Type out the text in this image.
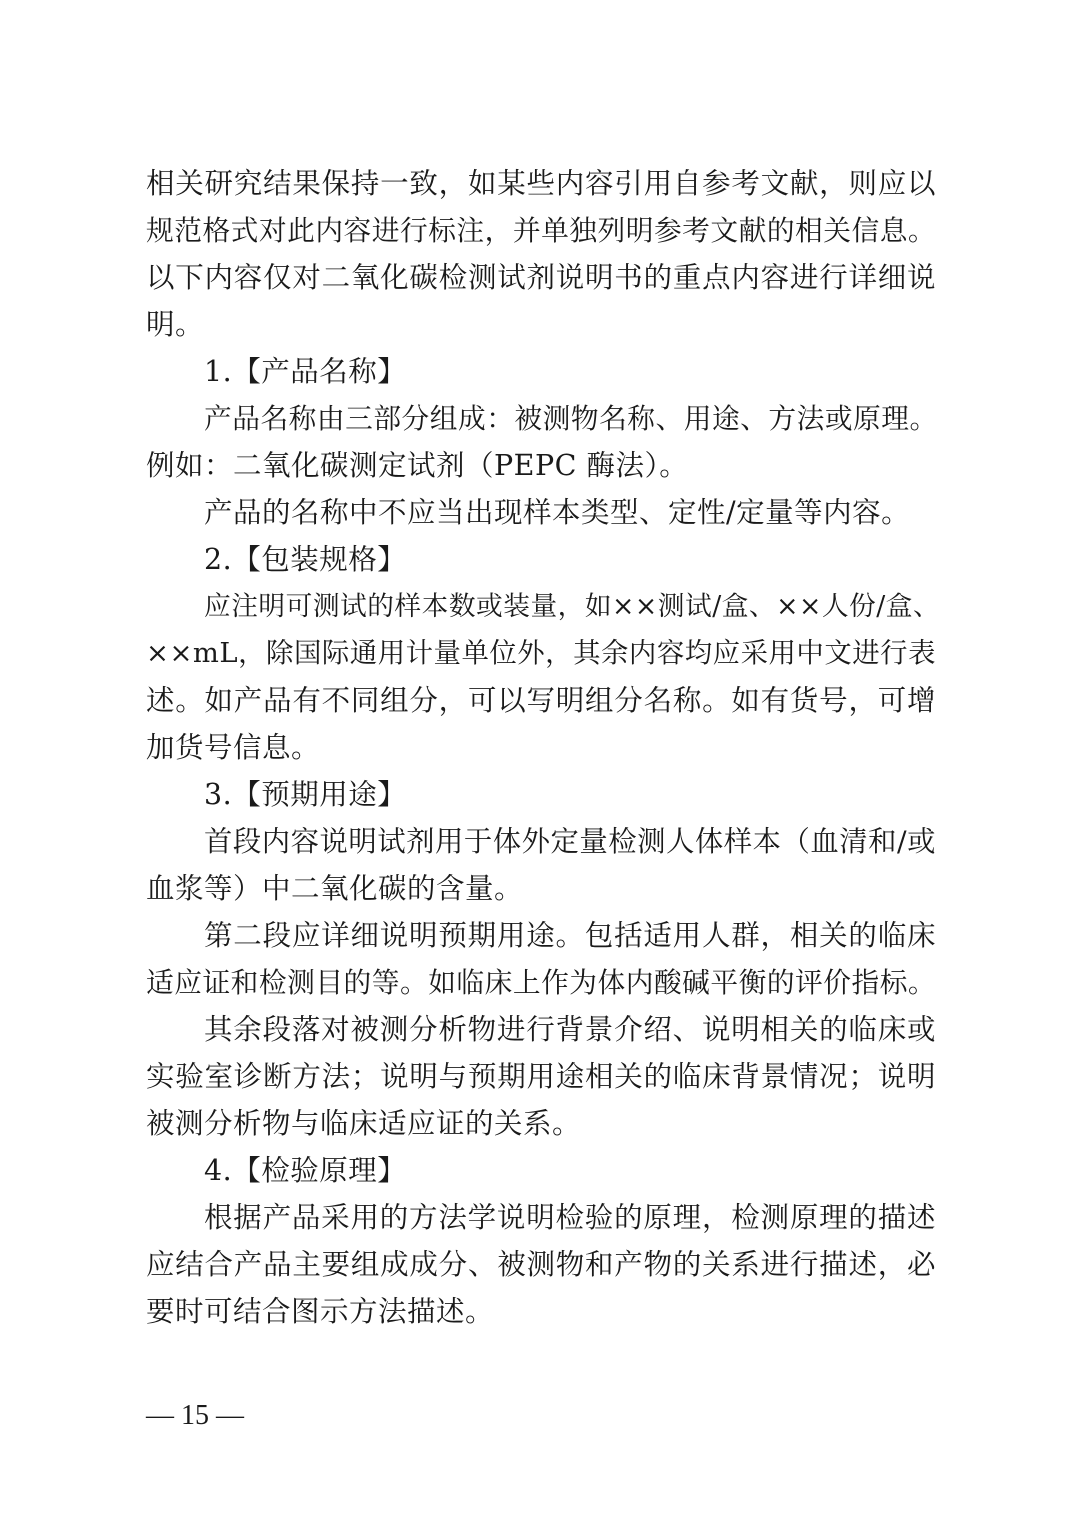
相关研究结果保持一致，如某些内容引用自参考文献，则应以
规范格式对此内容进行标注，并单独列明参考文献的相关信息。
以下内容仅对二氧化碳检测试剂说明书的重点内容进行详细说
明。
1.【产品名称】
产品名称由三部分组成：被测物名称、用途、方法或原理。
例如：二氧化碳测定试剂（PEPC 酶法）。
产品的名称中不应当出现样本类型、定性/定量等内容。
2.【包装规格】
应注明可测试的样本数或装量，如××测试/盒、××人份/盒、
××mL，除国际通用计量单位外，其余内容均应采用中文进行表
述。如产品有不同组分，可以写明组分名称。如有货号，可增
加货号信息。
3.【预期用途】
首段内容说明试剂用于体外定量检测人体样本（血清和/或
血浆等）中二氧化碳的含量。
第二段应详细说明预期用途。包括适用人群，相关的临床
适应证和检测目的等。如临床上作为体内酸碱平衡的评价指标。
其余段落对被测分析物进行背景介绍、说明相关的临床或
实验室诊断方法；说明与预期用途相关的临床背景情况；说明
被测分析物与临床适应证的关系。
4.【检验原理】
根据产品采用的方法学说明检验的原理，检测原理的描述
应结合产品主要组成成分、被测物和产物的关系进行描述，必
要时可结合图示方法描述。
— 15 —
